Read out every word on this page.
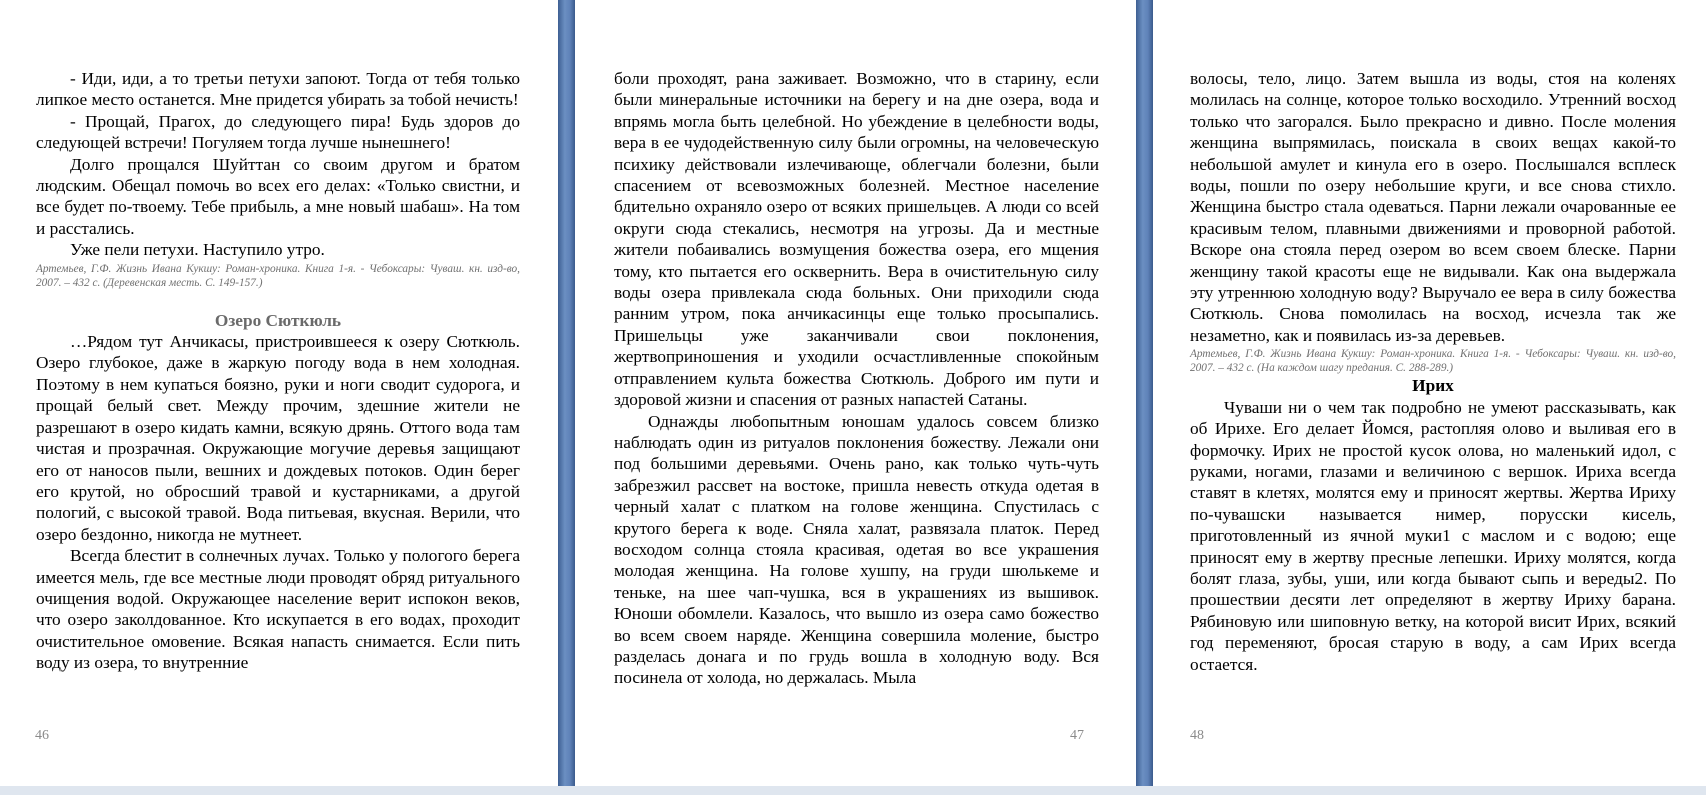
- Иди, иди, а то третьи петухи запоют. Тогда от тебя только липкое место останется. Мне придется убирать за тобой нечисть!

- Прощай, Прагох, до следующего пира! Будь здоров до следующей встречи! Погуляем тогда лучше нынешнего!

Долго прощался Шуйттан со своим другом и братом людским. Обещал помочь во всех его делах: «Только свистни, и все будет по-твоему. Тебе прибыль, а мне новый шабаш». На том и расстались.

Уже пели петухи. Наступило утро.

Артемьев, Г.Ф. Жизнь Ивана Кукшу: Роман-хроника. Книга 1-я. - Чебоксары: Чуваш. кн. изд-во, 2007. – 432 с. (Деревенская месть. С. 149-157.)

Озеро Сюткюль

…Рядом тут Анчикасы, пристроившееся к озеру Сюткюль. Озеро глубокое, даже в жаркую погоду вода в нем холодная. Поэтому в нем купаться боязно, руки и ноги сводит судорога, и прощай белый свет. Между прочим, здешние жители не разрешают в озеро кидать камни, всякую дрянь. Оттого вода там чистая и прозрачная. Окружающие могучие деревья защищают его от наносов пыли, вешних и дождевых потоков. Один берег его крутой, но обросший травой и кустарниками, а другой пологий, с высокой травой. Вода питьевая, вкусная. Верили, что озеро бездонно, никогда не мутнеет.

Всегда блестит в солнечных лучах. Только у пологого берега имеется мель, где все местные люди проводят обряд ритуального очищения водой. Окружающее население верит испокон веков, что озеро заколдованное. Кто искупается в его водах, проходит очистительное омовение. Всякая напасть снимается. Если пить воду из озера, то внутренние

46

боли проходят, рана заживает. Возможно, что в старину, если были минеральные источники на берегу и на дне озера, вода и впрямь могла быть целебной. Но убеждение в целебности воды, вера в ее чудодейственную силу были огромны, на человеческую психику действовали излечивающе, облегчали болезни, были спасением от всевозможных болезней. Местное население бдительно охраняло озеро от всяких пришельцев. А люди со всей округи сюда стекались, несмотря на угрозы. Да и местные жители побаивались возмущения божества озера, его мщения тому, кто пытается его осквернить. Вера в очистительную силу воды озера привлекала сюда больных. Они приходили сюда ранним утром, пока анчикасинцы еще только просыпались. Пришельцы уже заканчивали свои поклонения, жертвоприношения и уходили осчастливленные спокойным отправлением культа божества Сюткюль. Доброго им пути и здоровой жизни и спасения от разных напастей Сатаны.

Однажды любопытным юношам удалось совсем близко наблюдать один из ритуалов поклонения божеству. Лежали они под большими деревьями. Очень рано, как только чуть-чуть забрезжил рассвет на востоке, пришла невесть откуда одетая в черный халат с платком на голове женщина. Спустилась с крутого берега к воде. Сняла халат, развязала платок. Перед восходом солнца стояла красивая, одетая во все украшения молодая женщина. На голове хушпу, на груди шюлькеме и теньке, на шее чап-чушка, вся в украшениях из вышивок. Юноши обомлели. Казалось, что вышло из озера само божество во всем своем наряде. Женщина совершила моление, быстро разделась донага и по грудь вошла в холодную воду. Вся посинела от холода, но держалась. Мыла

47

волосы, тело, лицо. Затем вышла из воды, стоя на коленях молилась на солнце, которое только восходило. Утренний восход только что загорался. Было прекрасно и дивно. После моления женщина выпрямилась, поискала в своих вещах какой-то небольшой амулет и кинула его в озеро. Послышался всплеск воды, пошли по озеру небольшие круги, и все снова стихло. Женщина быстро стала одеваться. Парни лежали очарованные ее красивым телом, плавными движениями и проворной работой. Вскоре она стояла перед озером во всем своем блеске. Парни женщину такой красоты еще не видывали. Как она выдержала эту утреннюю холодную воду? Выручало ее вера в силу божества Сюткюль. Снова помолилась на восход, исчезла так же незаметно, как и появилась из-за деревьев.

Артемьев, Г.Ф. Жизнь Ивана Кукшу: Роман-хроника. Книга 1-я. - Чебоксары: Чуваш. кн. изд-во, 2007. – 432 с. (На каждом шагу предания. С. 288-289.)

Ирих

Чуваши ни о чем так подробно не умеют рассказывать, как об Ирихе. Его делает Йомся, растопляя олово и выливая его в формочку. Ирих не простой кусок олова, но маленький идол, с руками, ногами, глазами и величиною с вершок. Ириха всегда ставят в клетях, молятся ему и приносят жертвы. Жертва Ириху по-чувашски называется нимер, порусски кисель, приготовленный из ячной муки1 с маслом и с водою; еще приносят ему в жертву пресные лепешки. Ириху молятся, когда болят глаза, зубы, уши, или когда бывают сыпь и вереды2. По прошествии десяти лет определяют в жертву Ириху барана. Рябиновую или шиповную ветку, на которой висит Ирих, всякий год переменяют, бросая старую в воду, а сам Ирих всегда остается.

48
